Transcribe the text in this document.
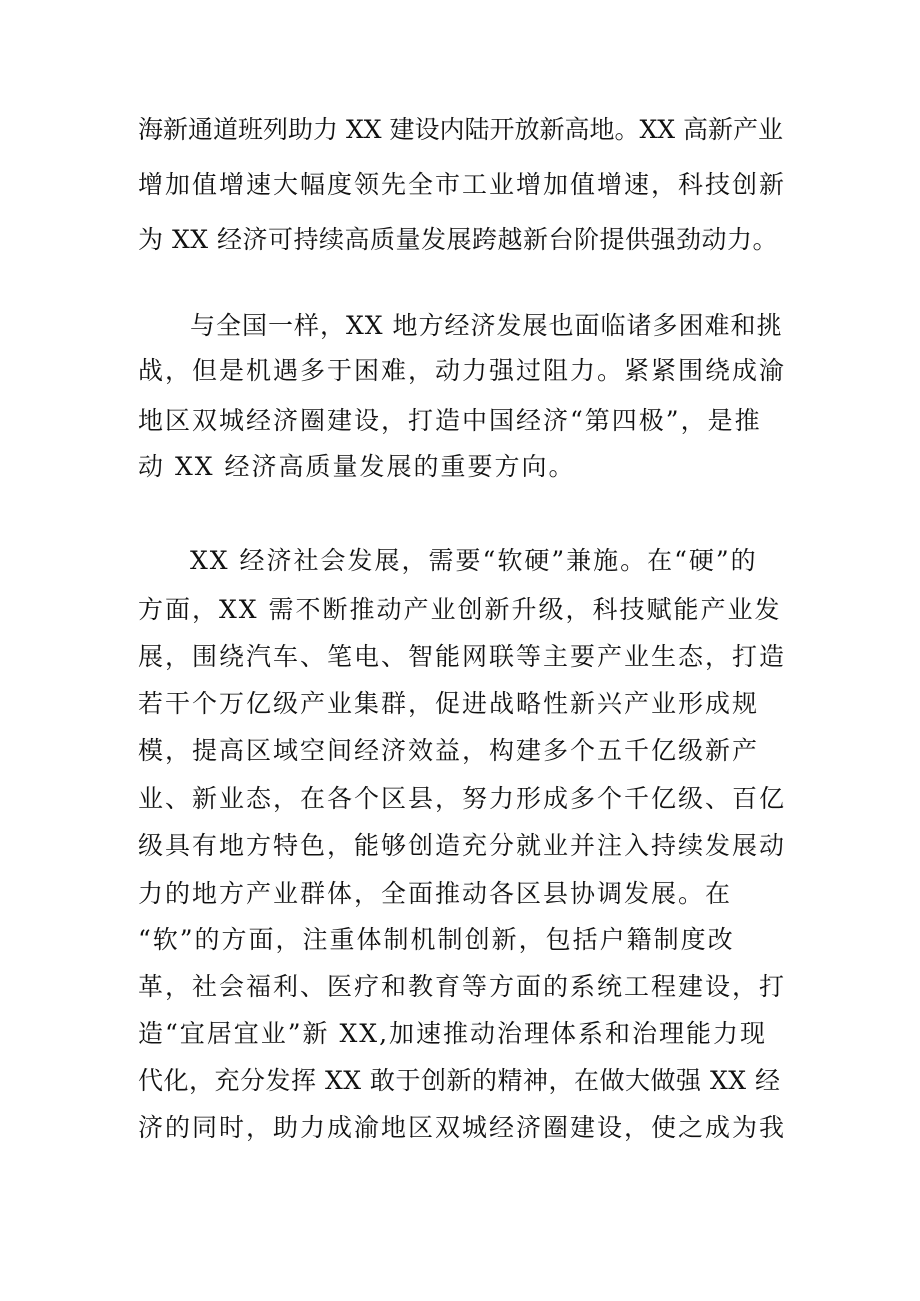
海新通道班列助力 XX 建设内陆开放新高地。XX 高新产业
增加值增速大幅度领先全市工业增加值增速，科技创新
为 XX 经济可持续高质量发展跨越新台阶提供强劲动力。
与全国一样，XX 地方经济发展也面临诸多困难和挑
战，但是机遇多于困难，动力强过阻力。紧紧围绕成渝
地区双城经济圈建设，打造中国经济“第四极”，是推
动 XX 经济高质量发展的重要方向。
XX 经济社会发展，需要“软硬”兼施。在“硬”的
方面，XX 需不断推动产业创新升级，科技赋能产业发
展，围绕汽车、笔电、智能网联等主要产业生态，打造
若干个万亿级产业集群，促进战略性新兴产业形成规
模，提高区域空间经济效益，构建多个五千亿级新产
业、新业态，在各个区县，努力形成多个千亿级、百亿
级具有地方特色，能够创造充分就业并注入持续发展动
力的地方产业群体，全面推动各区县协调发展。在
“软”的方面，注重体制机制创新，包括户籍制度改
革，社会福利、医疗和教育等方面的系统工程建设，打
造“宜居宜业”新 XX,加速推动治理体系和治理能力现
代化，充分发挥 XX 敢于创新的精神，在做大做强 XX 经
济的同时，助力成渝地区双城经济圈建设，使之成为我
